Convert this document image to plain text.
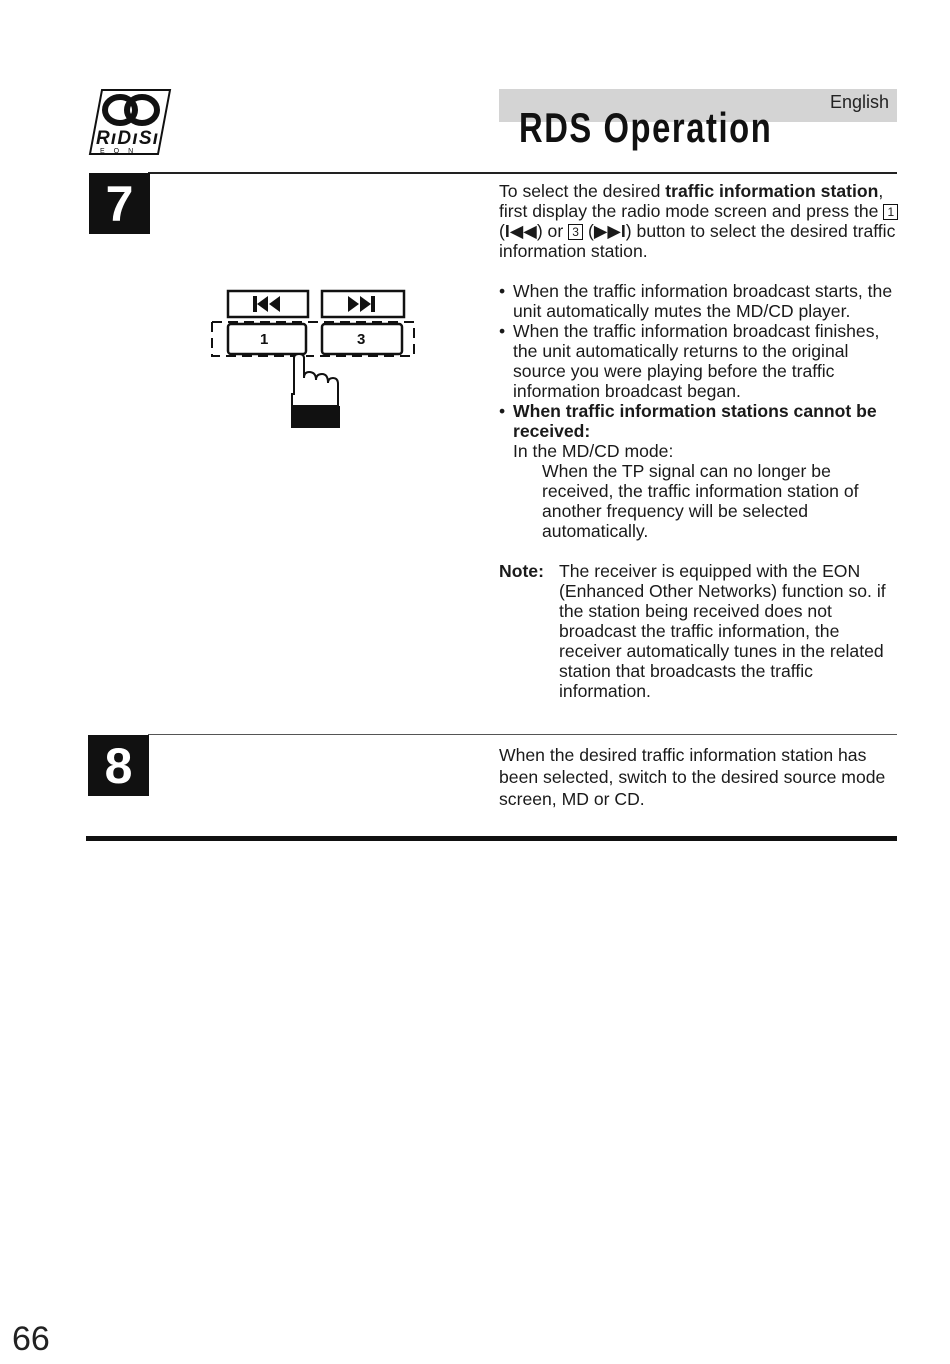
RıDıSı
EON
English
RDS Operation
7
1	3

To select the desired traffic information station, first display the radio mode screen and press the 1 (I◀◀) or 3 (▶▶I) button to select the desired traffic information station.

• When the traffic information broadcast starts, the unit automatically mutes the MD/CD player.
• When the traffic information broadcast finishes, the unit automatically returns to the original source you were playing before the traffic information broadcast began.
• When traffic information stations cannot be received:
In the MD/CD mode:
When the TP signal can no longer be received, the traffic information station of another frequency will be selected automatically.
Note: The receiver is equipped with the EON (Enhanced Other Networks) function so. if the station being received does not broadcast the traffic information, the receiver automatically tunes in the related station that broadcasts the traffic information.
8	When the desired traffic information station has been selected, switch to the desired source mode screen, MD or CD.
66
